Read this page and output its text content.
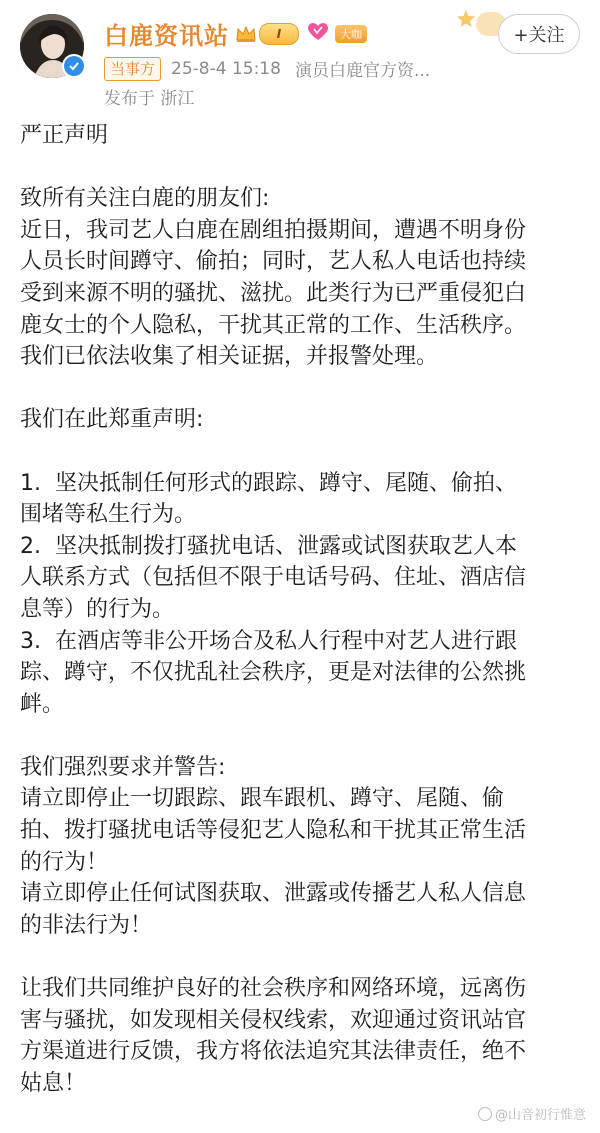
白鹿资讯站	I	大咖	+关注
当事方 25-8-4 15:18 演员白鹿官方资...
发布于 浙江
严正声明
致所有关注白鹿的朋友们:
近日，我司艺人白鹿在剧组拍摄期间，遭遇不明身份
人员长时间蹲守、偷拍；同时，艺人私人电话也持续
受到来源不明的骚扰、滋扰。此类行为已严重侵犯白
鹿女士的个人隐私，干扰其正常的工作、生活秩序。
我们已依法收集了相关证据，并报警处理。
我们在此郑重声明:
1.  坚决抵制任何形式的跟踪、蹲守、尾随、偷拍、
围堵等私生行为。
2.  坚决抵制拨打骚扰电话、泄露或试图获取艺人本
人联系方式（包括但不限于电话号码、住址、酒店信
息等）的行为。
3.  在酒店等非公开场合及私人行程中对艺人进行跟
踪、蹲守，不仅扰乱社会秩序，更是对法律的公然挑
衅。
我们强烈要求并警告:
请立即停止一切跟踪、跟车跟机、蹲守、尾随、偷
拍、拨打骚扰电话等侵犯艺人隐私和干扰其正常生活
的行为！
请立即停止任何试图获取、泄露或传播艺人私人信息
的非法行为！
让我们共同维护良好的社会秩序和网络环境，远离伤
害与骚扰，如发现相关侵权线索，欢迎通过资讯站官
方渠道进行反馈，我方将依法追究其法律责任，绝不
姑息！
@山音初行惟意
